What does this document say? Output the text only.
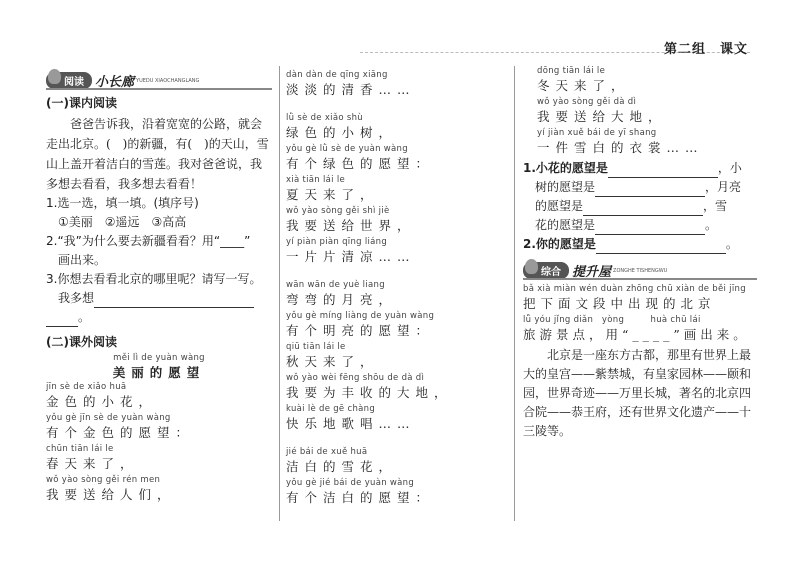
第二组　课文
阅读 小长廊 YUEDU XIAOCHANGLANG
(一)课内阅读
爸爸告诉我，沿着宽宽的公路，就会走出北京。(　)的新疆，有(　)的天山，雪山上盖开着洁白的雪莲。我对爸爸说，我多想去看看，我多想去看看！
1.选一选，填一填。(填序号)
①美丽　②遥远　③高高
2.“我”为什么要去新疆看看？用“____”
画出来。
3.你想去看看北京的哪里呢？请写一写。
我多想
。
(二)课外阅读
měi lì de yuàn wàng
美丽的愿望
jīn sè de xiǎo huā
金色的小花，
yǒu gè jīn sè de yuàn wàng
有个金色的愿望：
chūn tiān lái le
春天来了，
wǒ yào sòng gěi rén men
我要送给人们，
dàn dàn de qīng xiāng
淡淡的清香……
lǜ sè de xiǎo shù
绿色的小树，
yǒu gè lǜ sè de yuàn wàng
有个绿色的愿望：
xià tiān lái le
夏天来了，
wǒ yào sòng gěi shì jiè
我要送给世界，
yí piàn piàn qīng liáng
一片片清凉……
wān wān de yuè liang
弯弯的月亮，
yǒu gè míng liàng de yuàn wàng
有个明亮的愿望：
qiū tiān lái le
秋天来了，
wǒ yào wèi fēng shōu de dà dì
我要为丰收的大地，
kuài lè de gē chàng
快乐地歌唱……
jié bái de xuě huā
洁白的雪花，
yǒu gè jié bái de yuàn wàng
有个洁白的愿望：
dōng tiān lái le
冬天来了，
wǒ yào sòng gěi dà dì
我要送给大地，
yí jiàn xuě bái de yī shang
一件雪白的衣裳……
1.小花的愿望是	，小
树的愿望是	，月亮
的愿望是	，雪
花的愿望是	。
2.你的愿望是	。
综合 提升屋 ZONGHE TISHENGWU
bǎ xià miàn wén duàn zhōng chū xiàn de běi jīng
把下面文段中出现的北京
lǚ yóu jǐng diǎn　yòng　　　huà chū lái
旅游景点，用“____”画出来。
北京是一座东方古都，那里有世界上最大的皇宫——紫禁城，有皇家园林——颐和园，世界奇迹——万里长城，著名的北京四合院——恭王府，还有世界文化遗产——十三陵等。
